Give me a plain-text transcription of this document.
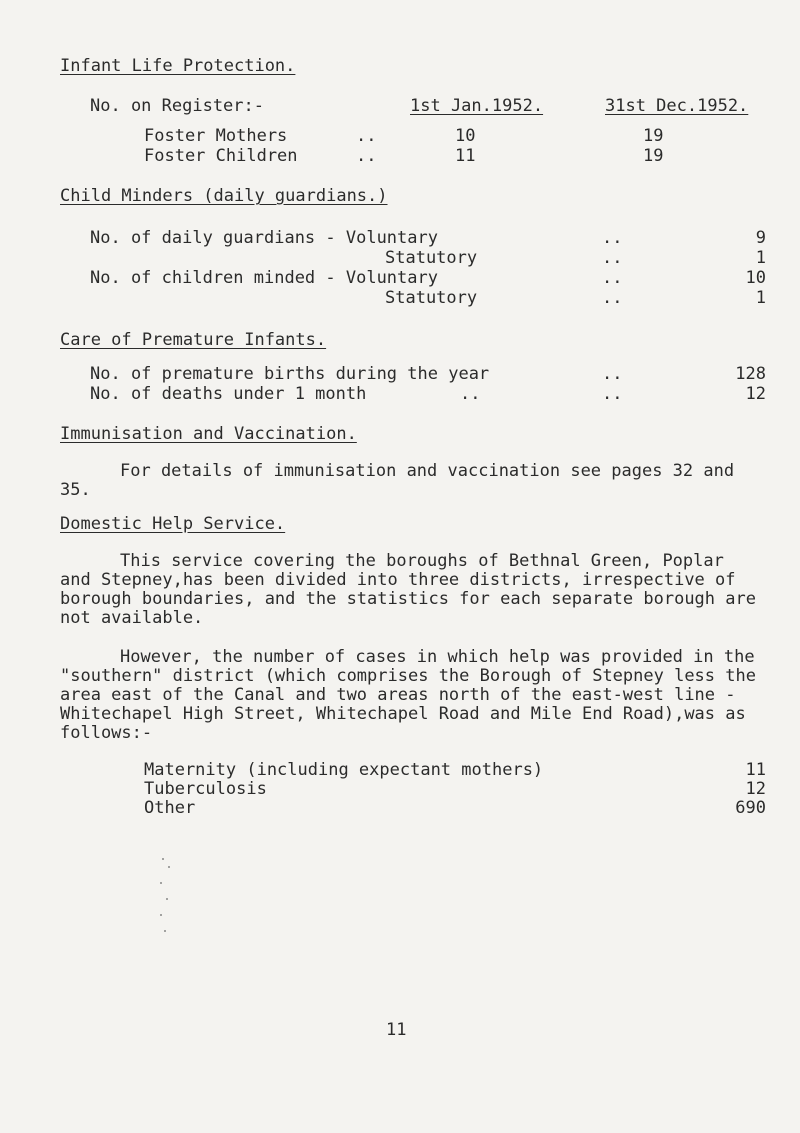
Infant Life Protection.
No. on Register:-	1st Jan.1952.	31st Dec.1952.
Foster Mothers	..	10	19
Foster Children	..	11	19
Child Minders (daily guardians.)
No. of daily guardians - Voluntary	..	9
Statutory	..	1
No. of children minded - Voluntary	..	10
Statutory	..	1
Care of Premature Infants.
No. of premature births during the year	..	128
No. of deaths under 1 month	..	..	12
Immunisation and Vaccination.
For details of immunisation and vaccination see pages 32 and 35.
Domestic Help Service.
This service covering the boroughs of Bethnal Green, Poplar and Stepney,has been divided into three districts, irrespective of borough boundaries, and the statistics for each separate borough are not available.
However, the number of cases in which help was provided in the "southern" district (which comprises the Borough of Stepney less the area east of the Canal and two areas north of the east-west line - Whitechapel High Street, Whitechapel Road and Mile End Road),was as follows:-
Maternity (including expectant mothers)	11
Tuberculosis	12
Other	690
11
